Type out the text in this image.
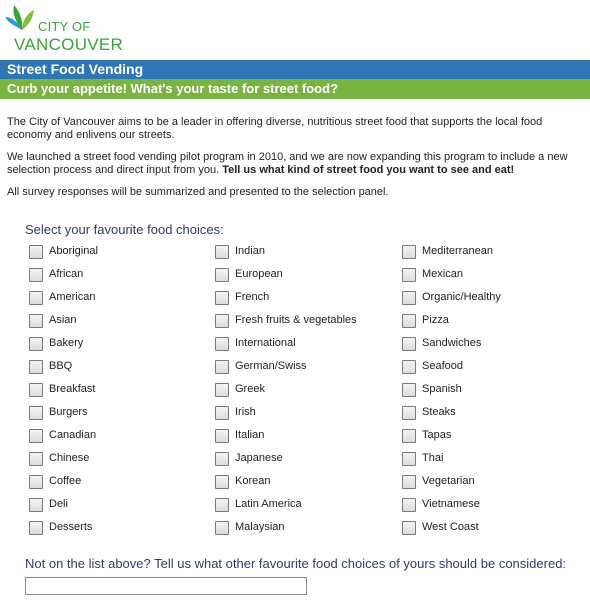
CITY OF
VANCOUVER
Street Food Vending
Curb your appetite! What's your taste for street food?

The City of Vancouver aims to be a leader in offering diverse, nutritious street food that supports the local food economy and enlivens our streets.

We launched a street food vending pilot program in 2010, and we are now expanding this program to include a new selection process and direct input from you. Tell us what kind of street food you want to see and eat!

All survey responses will be summarized and presented to the selection panel.

Select your favourite food choices:
Aboriginal
African
American
Asian
Bakery
BBQ
Breakfast
Burgers
Canadian
Chinese
Coffee
Deli
Desserts
Indian
European
French
Fresh fruits & vegetables
International
German/Swiss
Greek
Irish
Italian
Japanese
Korean
Latin America
Malaysian
Mediterranean
Mexican
Organic/Healthy
Pizza
Sandwiches
Seafood
Spanish
Steaks
Tapas
Thai
Vegetarian
Vietnamese
West Coast
Not on the list above? Tell us what other favourite food choices of yours should be considered:
